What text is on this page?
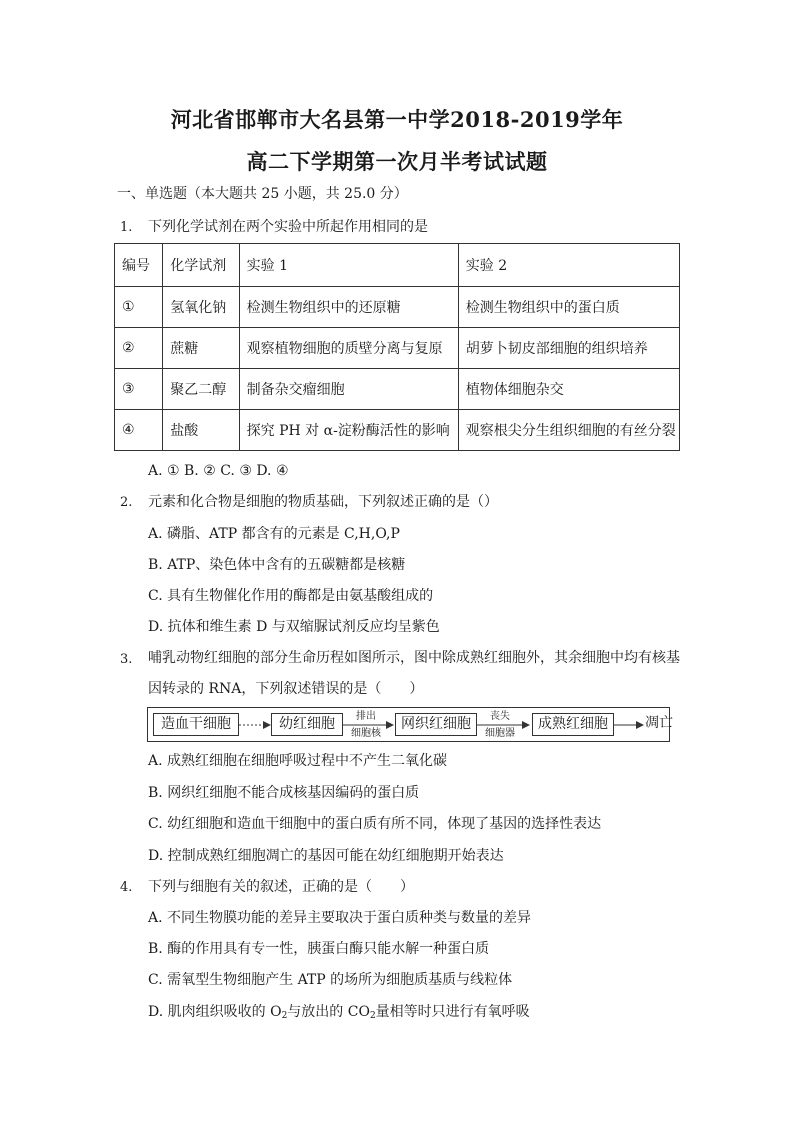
河北省邯郸市大名县第一中学2018-2019学年
高二下学期第一次月半考试试题
一、单选题（本大题共 25 小题，共 25.0 分）
1. 下列化学试剂在两个实验中所起作用相同的是
编号	化学试剂	实验 1	实验 2
①	氢氧化钠	检测生物组织中的还原糖	检测生物组织中的蛋白质
②	蔗糖	观察植物细胞的质壁分离与复原	胡萝卜韧皮部细胞的组织培养
③	聚乙二醇	制备杂交瘤细胞	植物体细胞杂交
④	盐酸	探究 PH 对 α-淀粉酶活性的影响	观察根尖分生组织细胞的有丝分裂
A. ① B. ② C. ③ D. ④
2. 元素和化合物是细胞的物质基础，下列叙述正确的是（）
A. 磷脂、ATP 都含有的元素是 C,H,O,P
B. ATP、染色体中含有的五碳糖都是核糖
C. 具有生物催化作用的酶都是由氨基酸组成的
D. 抗体和维生素 D 与双缩脲试剂反应均呈紫色
3. 哺乳动物红细胞的部分生命历程如图所示，图中除成熟红细胞外，其余细胞中均有核基
因转录的 RNA，下列叙述错误的是（　　）
造血干细胞	幼红细胞	排出
细胞核
网织红细胞	丧失
细胞器
成熟红细胞	凋亡
A. 成熟红细胞在细胞呼吸过程中不产生二氧化碳
B. 网织红细胞不能合成核基因编码的蛋白质
C. 幼红细胞和造血干细胞中的蛋白质有所不同，体现了基因的选择性表达
D. 控制成熟红细胞凋亡的基因可能在幼红细胞期开始表达
4. 下列与细胞有关的叙述，正确的是（　　）
A. 不同生物膜功能的差异主要取决于蛋白质种类与数量的差异
B. 酶的作用具有专一性，胰蛋白酶只能水解一种蛋白质
C. 需氧型生物细胞产生 ATP 的场所为细胞质基质与线粒体
D. 肌肉组织吸收的 $O_2$与放出的 $CO_2$量相等时只进行有氧呼吸
